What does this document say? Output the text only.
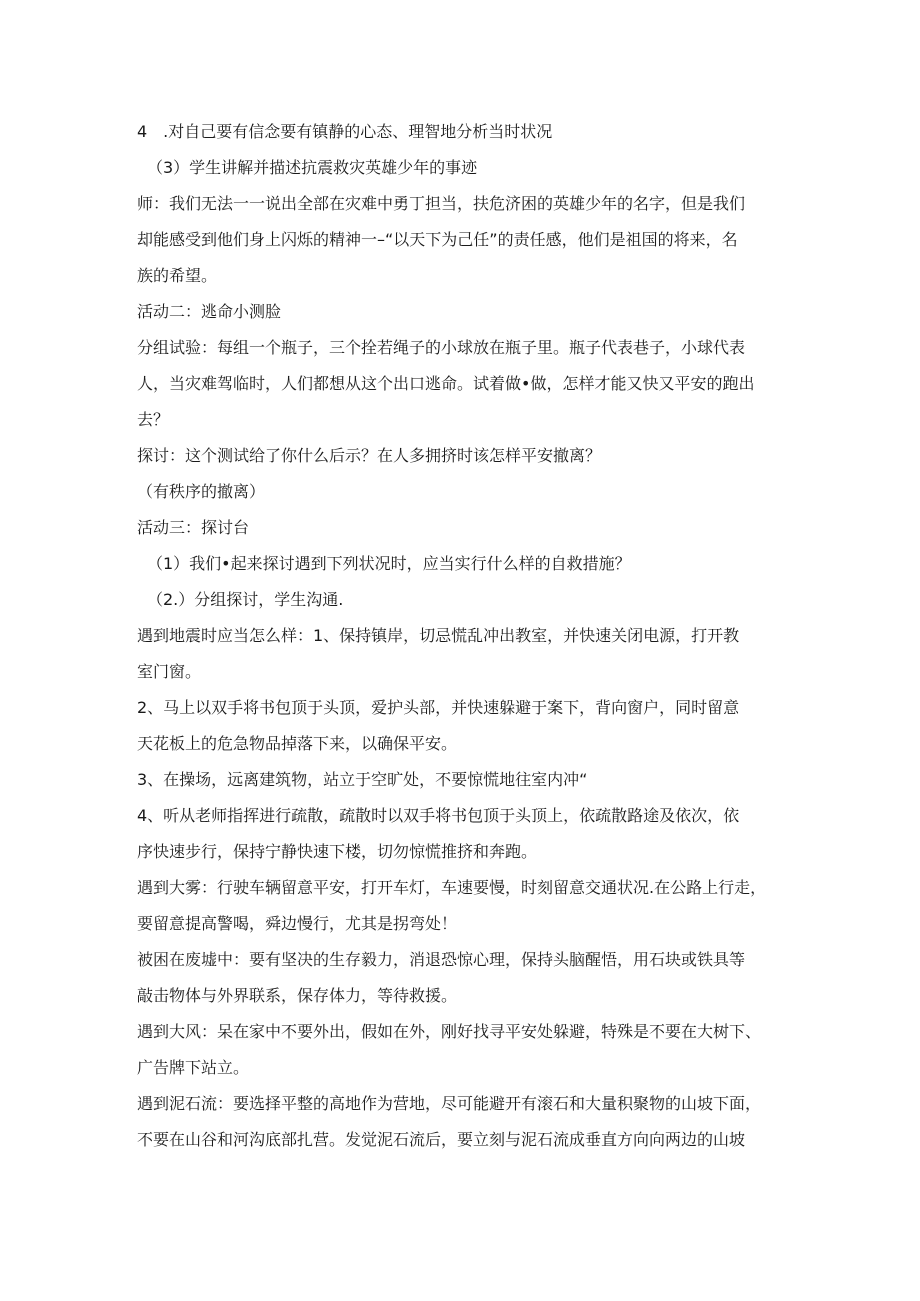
4　.对自己要有信念要有镇静的心态、理智地分析当时状况
（3）学生讲解并描述抗震救灾英雄少年的事迹
师：我们无法一一说出全部在灾难中勇丁担当，扶危济困的英雄少年的名字，但是我们
却能感受到他们身上闪烁的精神一–“以天下为己任”的责任感，他们是祖国的将来，名
族的希望。
活动二：逃命小测脸
分组试验：每组一个瓶子，三个拴若绳子的小球放在瓶子里。瓶子代表巷子，小球代表
人，当灾难驾临时，人们都想从这个出口逃命。试着做•做，怎样才能又快又平安的跑出
去？
探讨：这个测试给了你什么后示？在人多拥挤时该怎样平安撤离？
（有秩序的撤离）
活动三：探讨台
（1）我们•起来探讨遇到下列状况时，应当实行什么样的自救措施？
（2.）分组探讨，学生沟通.
遇到地震时应当怎么样：1、保持镇岸，切忌慌乱冲出教室，并快速关闭电源，打开教
室门窗。
2、马上以双手将书包顶于头顶，爱护头部，并快速躲避于案下，背向窗户，同时留意
天花板上的危急物品掉落下来，以确保平安。
3、在操场，远离建筑物，站立于空旷处，不要惊慌地往室内冲“
4、听从老师指挥进行疏散，疏散时以双手将书包顶于头顶上，依疏散路途及依次，依
序快速步行，保持宁静快速下楼，切勿惊慌推挤和奔跑。
遇到大雾：行驶车辆留意平安，打开车灯，车速要慢，时刻留意交通状况.在公路上行走，
要留意提高警喝，舜边慢行，尤其是拐弯处！
被困在废墟中：要有坚决的生存毅力，消退恐惊心理，保持头脑醒悟，用石块或铁具等
敲击物体与外界联系，保存体力，等待救援。
遇到大风：呆在家中不要外出，假如在外，刚好找寻平安处躲避，特殊是不要在大树下、
广告牌下站立。
遇到泥石流：要选择平整的高地作为营地，尽可能避开有滚石和大量积聚物的山坡下面，
不要在山谷和河沟底部扎营。发觉泥石流后，要立刻与泥石流成垂直方向向两边的山坡
